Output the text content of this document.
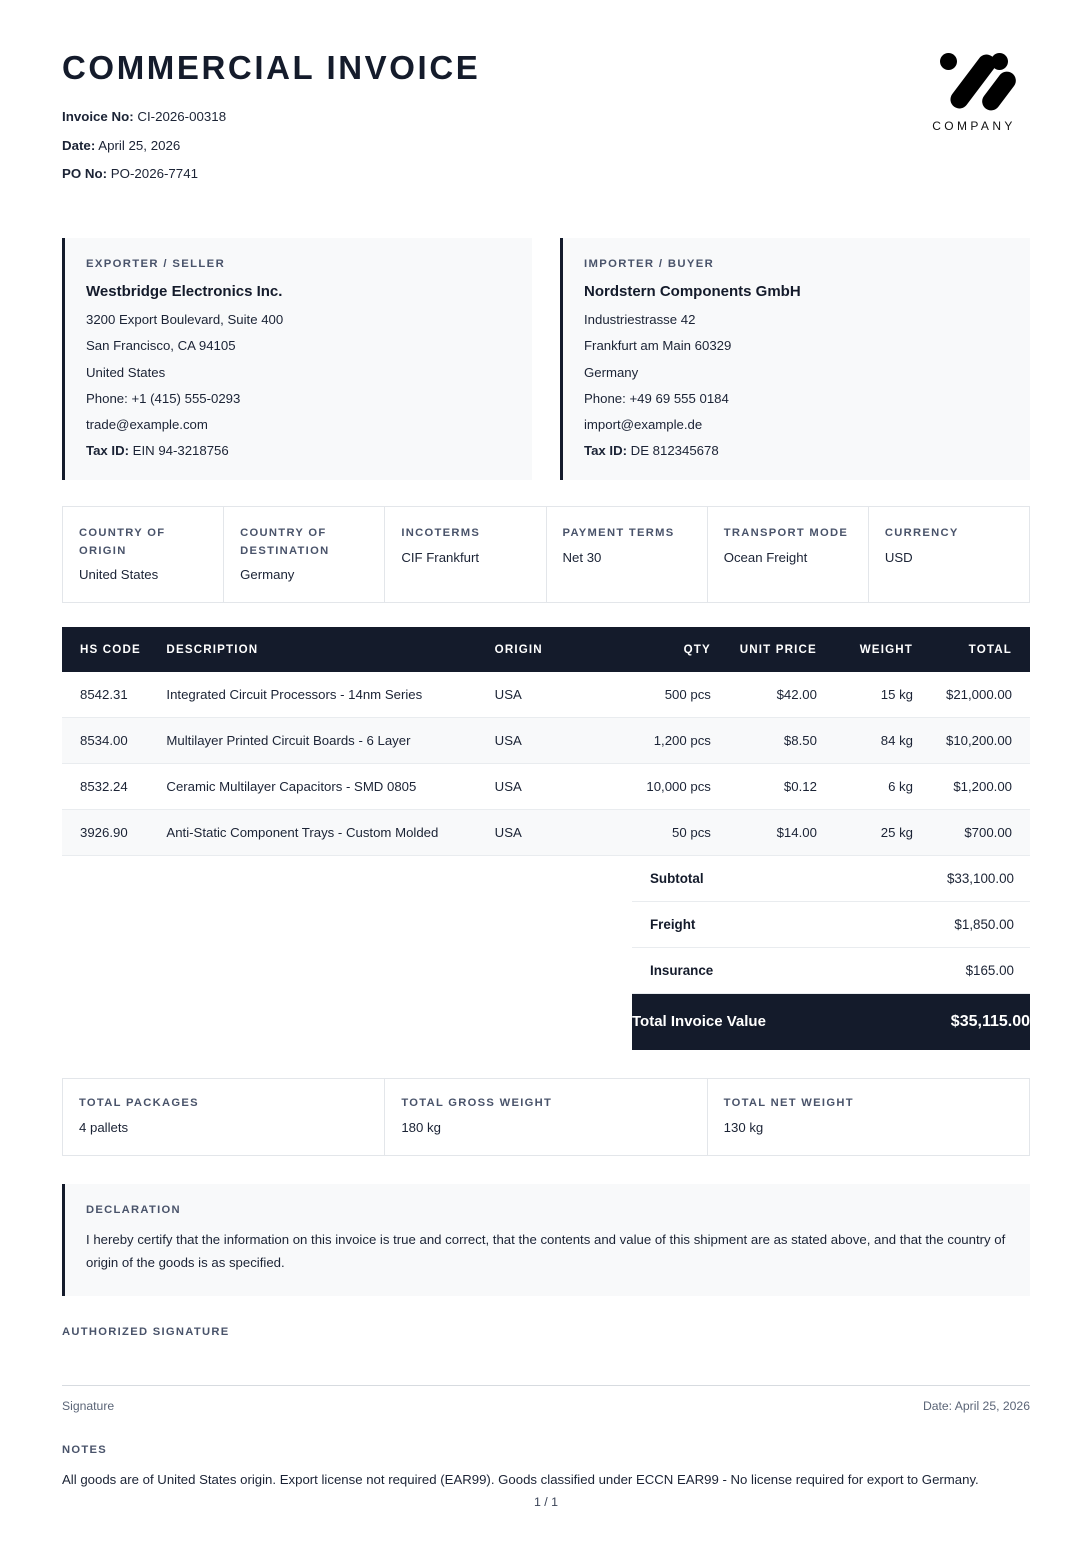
COMMERCIAL INVOICE
Invoice No: CI-2026-00318
Date: April 25, 2026
PO No: PO-2026-7741
COMPANY
EXPORTER / SELLER
Westbridge Electronics Inc.
3200 Export Boulevard, Suite 400
San Francisco, CA 94105
United States
Phone: +1 (415) 555-0293
trade@example.com
Tax ID: EIN 94-3218756
IMPORTER / BUYER
Nordstern Components GmbH
Industriestrasse 42
Frankfurt am Main 60329
Germany
Phone: +49 69 555 0184
import@example.de
Tax ID: DE 812345678
COUNTRY OF ORIGIN
United States
COUNTRY OF DESTINATION
Germany
INCOTERMS
CIF Frankfurt
PAYMENT TERMS
Net 30
TRANSPORT MODE
Ocean Freight
CURRENCY
USD
HS CODE	DESCRIPTION	ORIGIN	QTY	UNIT PRICE	WEIGHT	TOTAL
8542.31	Integrated Circuit Processors - 14nm Series	USA	500 pcs	$42.00	15 kg	$21,000.00
8534.00	Multilayer Printed Circuit Boards - 6 Layer	USA	1,200 pcs	$8.50	84 kg	$10,200.00
8532.24	Ceramic Multilayer Capacitors - SMD 0805	USA	10,000 pcs	$0.12	6 kg	$1,200.00
3926.90	Anti-Static Component Trays - Custom Molded	USA	50 pcs	$14.00	25 kg	$700.00
Subtotal	$33,100.00
Freight	$1,850.00
Insurance	$165.00
Total Invoice Value	$35,115.00
TOTAL PACKAGES
4 pallets
TOTAL GROSS WEIGHT
180 kg
TOTAL NET WEIGHT
130 kg
DECLARATION
I hereby certify that the information on this invoice is true and correct, that the contents and value of this shipment are as stated above, and that the country of origin of the goods is as specified.
AUTHORIZED SIGNATURE
Signature	Date: April 25, 2026
NOTES
All goods are of United States origin. Export license not required (EAR99). Goods classified under ECCN EAR99 - No license required for export to Germany.
1 / 1
